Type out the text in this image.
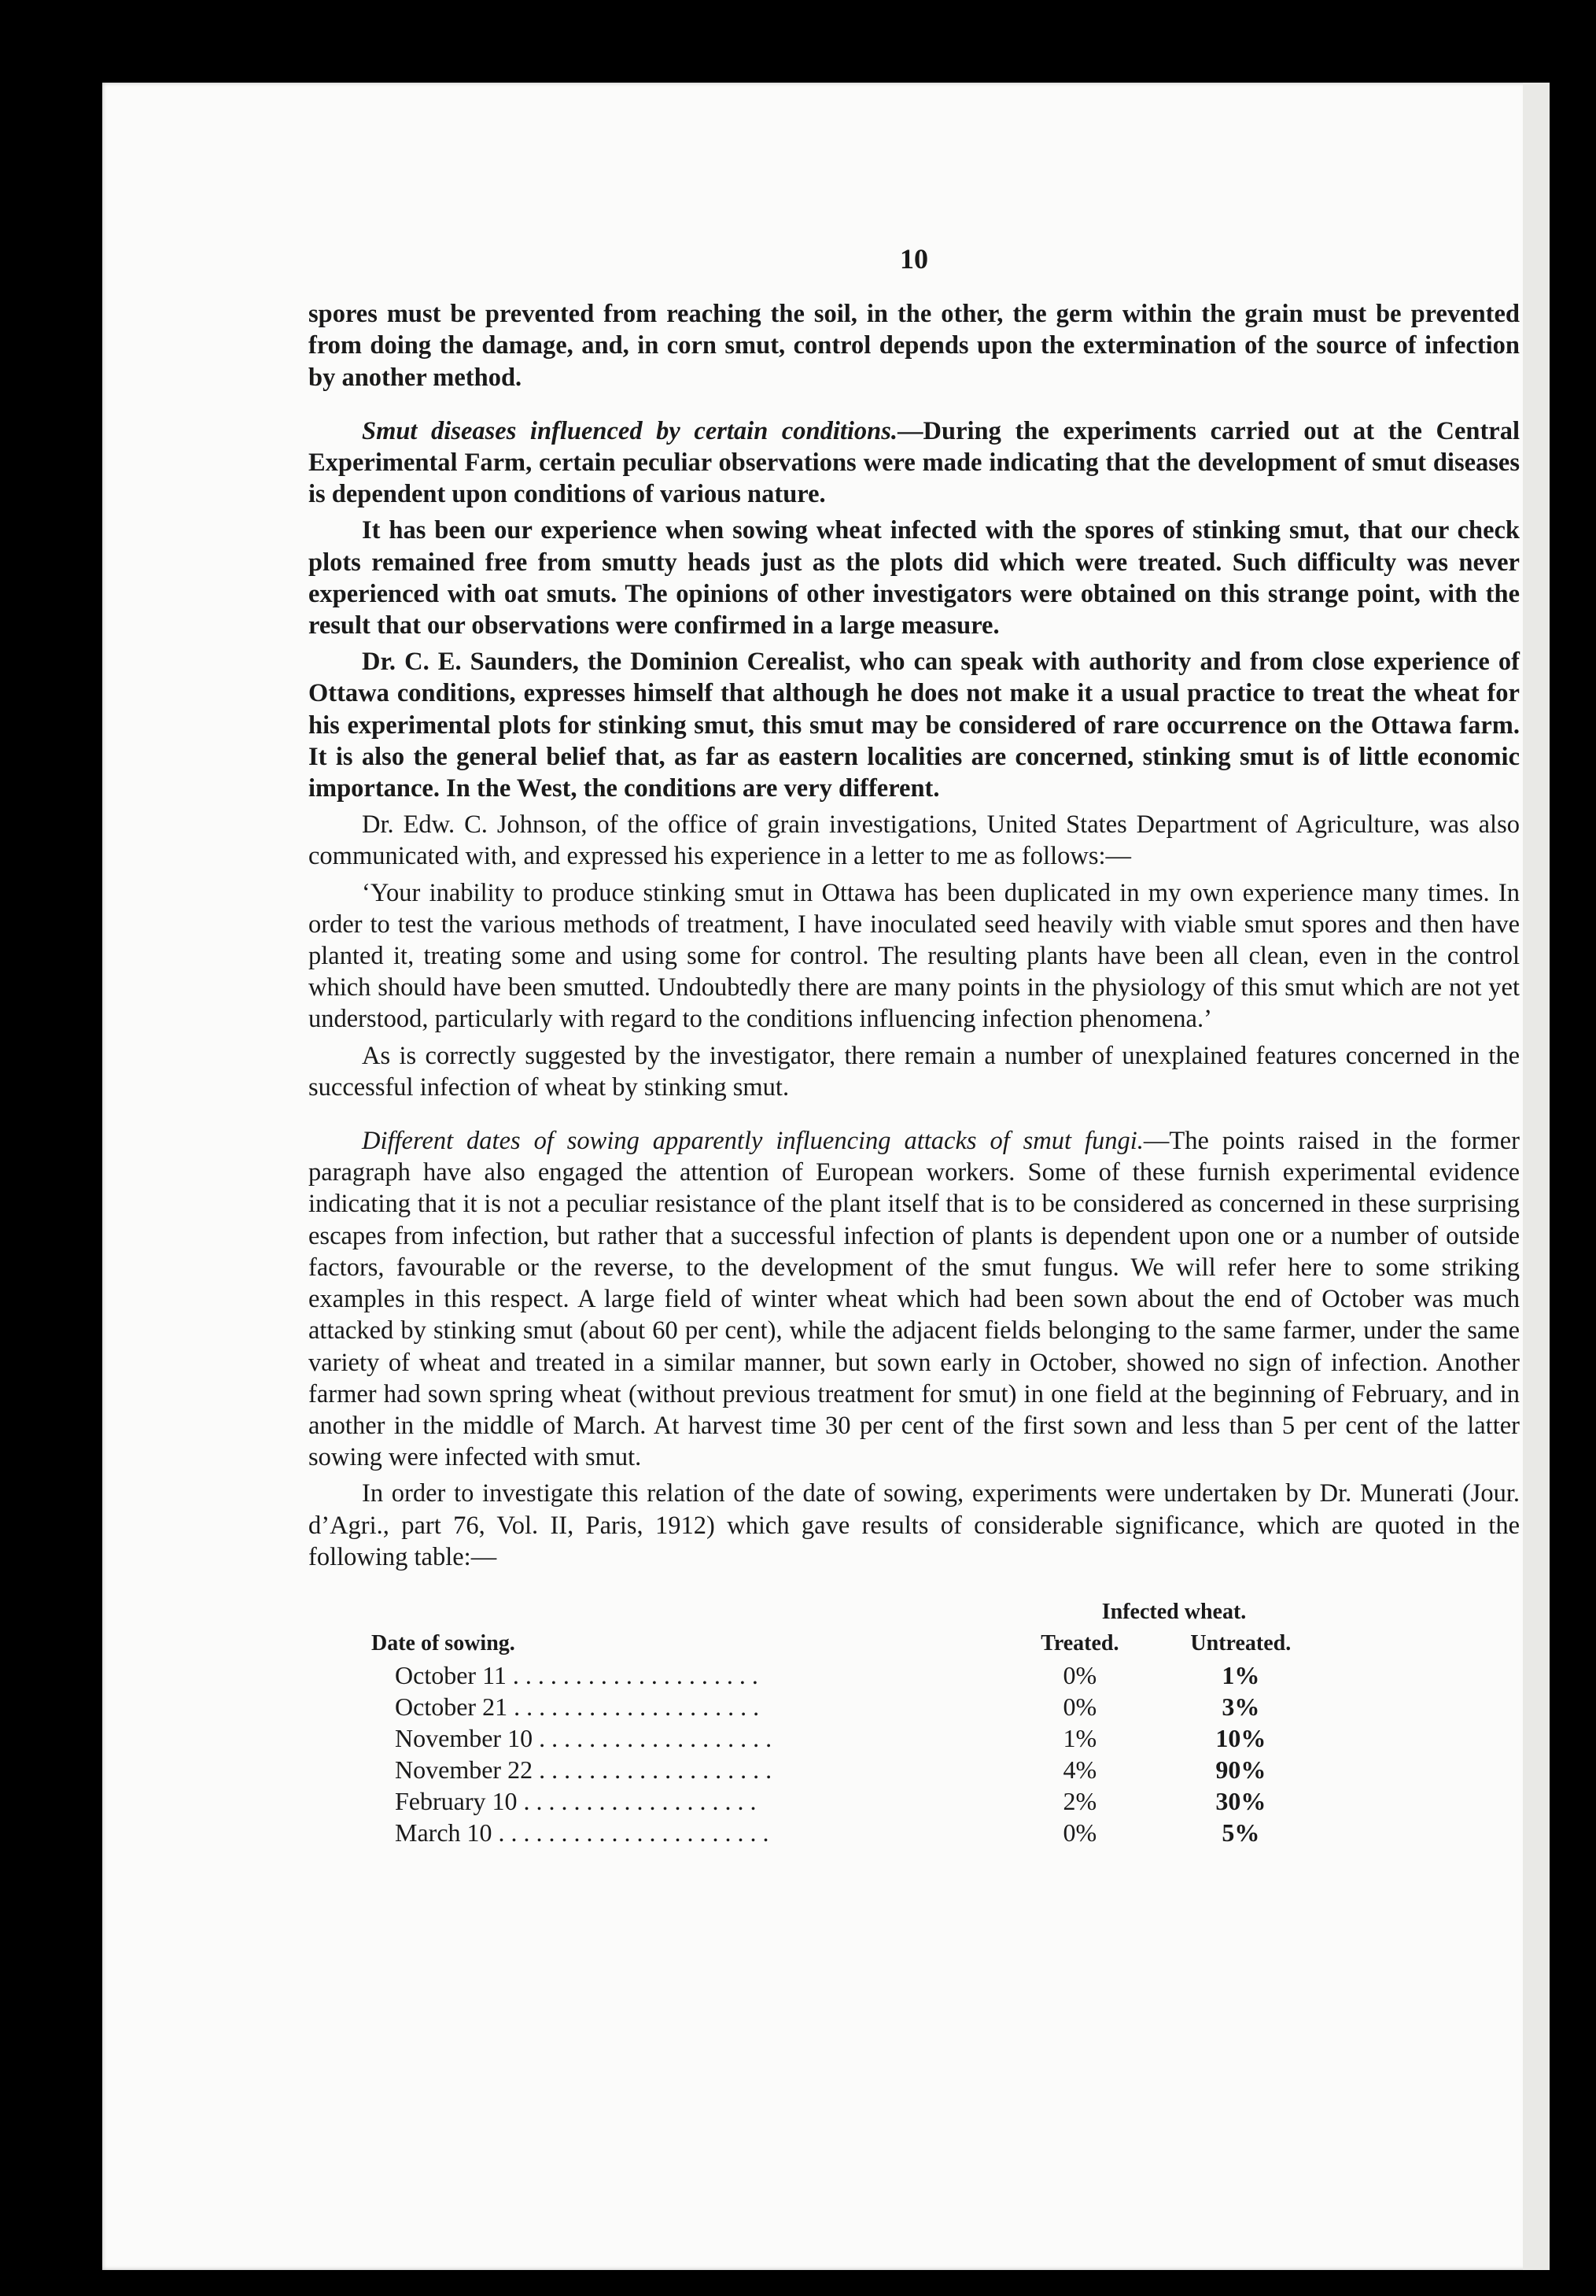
10

spores must be prevented from reaching the soil, in the other, the germ within the grain must be prevented from doing the damage, and, in corn smut, control depends upon the extermination of the source of infection by another method.

Smut diseases influenced by certain conditions.—During the experiments carried out at the Central Experimental Farm, certain peculiar observations were made indicating that the development of smut diseases is dependent upon conditions of various nature.

It has been our experience when sowing wheat infected with the spores of stinking smut, that our check plots remained free from smutty heads just as the plots did which were treated. Such difficulty was never experienced with oat smuts. The opinions of other investigators were obtained on this strange point, with the result that our observations were confirmed in a large measure.

Dr. C. E. Saunders, the Dominion Cerealist, who can speak with authority and from close experience of Ottawa conditions, expresses himself that although he does not make it a usual practice to treat the wheat for his experimental plots for stinking smut, this smut may be considered of rare occurrence on the Ottawa farm. It is also the general belief that, as far as eastern localities are concerned, stinking smut is of little economic importance. In the West, the conditions are very different.

Dr. Edw. C. Johnson, of the office of grain investigations, United States Department of Agriculture, was also communicated with, and expressed his experience in a letter to me as follows:—

‘Your inability to produce stinking smut in Ottawa has been duplicated in my own experience many times. In order to test the various methods of treatment, I have inoculated seed heavily with viable smut spores and then have planted it, treating some and using some for control. The resulting plants have been all clean, even in the control which should have been smutted. Undoubtedly there are many points in the physiology of this smut which are not yet understood, particularly with regard to the conditions influencing infection phenomena.’

As is correctly suggested by the investigator, there remain a number of unexplained features concerned in the successful infection of wheat by stinking smut.

Different dates of sowing apparently influencing attacks of smut fungi.—The points raised in the former paragraph have also engaged the attention of European workers. Some of these furnish experimental evidence indicating that it is not a peculiar resistance of the plant itself that is to be considered as concerned in these surprising escapes from infection, but rather that a successful infection of plants is dependent upon one or a number of outside factors, favourable or the reverse, to the development of the smut fungus. We will refer here to some striking examples in this respect. A large field of winter wheat which had been sown about the end of October was much attacked by stinking smut (about 60 per cent), while the adjacent fields belonging to the same farmer, under the same variety of wheat and treated in a similar manner, but sown early in October, showed no sign of infection. Another farmer had sown spring wheat (without previous treatment for smut) in one field at the beginning of February, and in another in the middle of March. At harvest time 30 per cent of the first sown and less than 5 per cent of the latter sowing were infected with smut.

In order to investigate this relation of the date of sowing, experiments were undertaken by Dr. Munerati (Jour. d’Agri., part 76, Vol. II, Paris, 1912) which gave results of considerable significance, which are quoted in the following table:—

	Infected wheat.	
Date of sowing.	Treated.	Untreated.
October 11 . . . . . . . . . . . . . . . . . . . .	0%	1%
October 21 . . . . . . . . . . . . . . . . . . . .	0%	3%
November 10 . . . . . . . . . . . . . . . . . . .	1%	10%
November 22 . . . . . . . . . . . . . . . . . . .	4%	90%
February 10 . . . . . . . . . . . . . . . . . . .	2%	30%
March 10 . . . . . . . . . . . . . . . . . . . . . .	0%	5%
